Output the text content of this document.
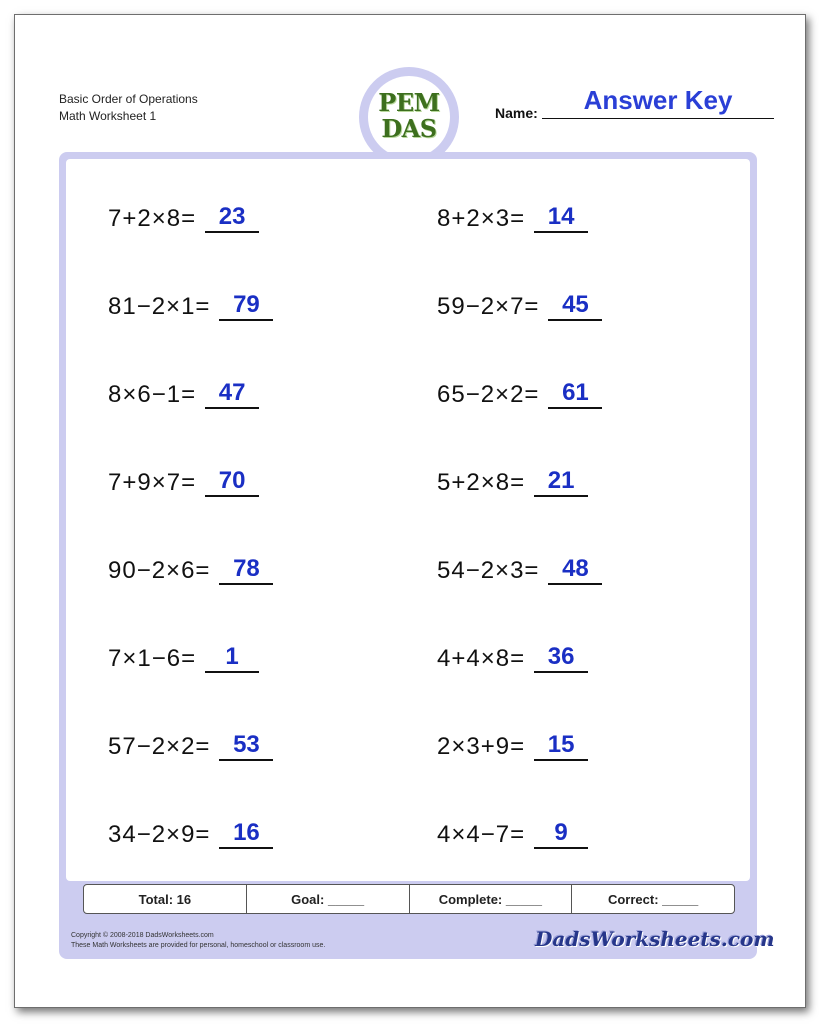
Basic Order of Operations
Math Worksheet 1	PEM
DAS
Name:	Answer Key
7+2×8= 23	8+2×3= 14
81−2×1= 79	59−2×7= 45
8×6−1= 47	65−2×2= 61
7+9×7= 70	5+2×8= 21
90−2×6= 78	54−2×3= 48
7×1−6=	1	4+4×8= 36
57−2×2= 53	2×3+9= 15
34−2×9= 16	4×4−7=	9
Total: 16	Goal: _____	Complete: _____	Correct: _____
Copyright © 2008-2018 DadsWorksheets.com
These Math Worksheets are provided for personal, homeschool or classroom use.	DadsWorksheets.com
